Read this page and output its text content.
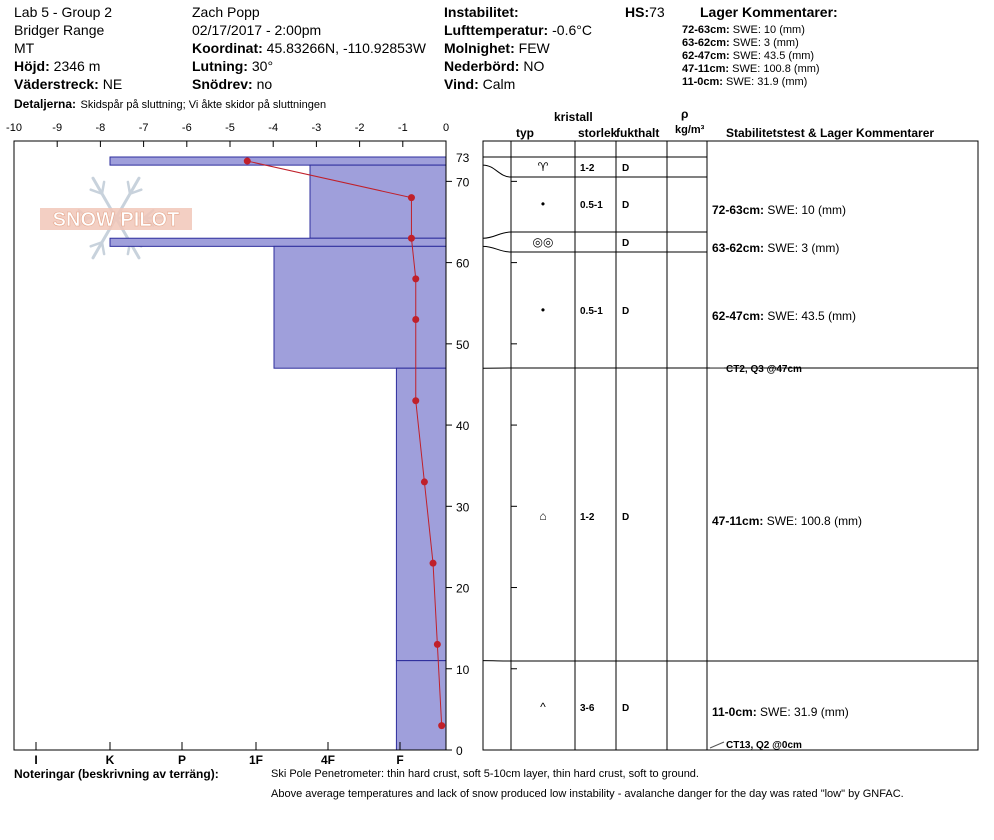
Lab 5 - Group 2
Bridger Range
MT
Höjd: 2346 m
Väderstreck: NE
Detaljerna: Skidspår på sluttning; Vi åkte skidor på sluttningen
Zach Popp
02/17/2017 - 2:00pm
Koordinat: 45.83266N, -110.92853W
Lutning: 30°
Snödrev: no
Instabilitet:
Lufttemperatur: -0.6°C
Molnighet: FEW
Nederbörd: NO
Vind: Calm
HS:73	Lager Kommentarer:
72-63cm: SWE: 10 (mm)
63-62cm: SWE: 3 (mm)
62-47cm: SWE: 43.5 (mm)
47-11cm: SWE: 100.8 (mm)
11-0cm: SWE: 31.9 (mm)
kristall
typ	storlek
fukthalt
ρ
kg/m³ Stabilitetstest & Lager Kommentarer
SNOW PILOT
-10	-9	-8	-7	-6	-5	-4	-3	-2	-1	0
I	K	P	1F	4F	F
0
10
20
30
40
50
60
70
73
♈	1-2	D
•	0.5-1 D
◎◎	D
•	0.5-1 D
⌂	1-2	D
^	3-6	D
CT2, Q3 @47cm
CT13, Q2 @0cm
72-63cm: SWE: 10 (mm)
63-62cm: SWE: 3 (mm)
62-47cm: SWE: 43.5 (mm)
47-11cm: SWE: 100.8 (mm)
11-0cm: SWE: 31.9 (mm)
Noteringar (beskrivning av terräng):	Ski Pole Penetrometer: thin hard crust, soft 5-10cm layer, thin hard crust, soft to ground.
Above average temperatures and lack of snow produced low instability - avalanche danger for the day was rated "low" by GNFAC.
